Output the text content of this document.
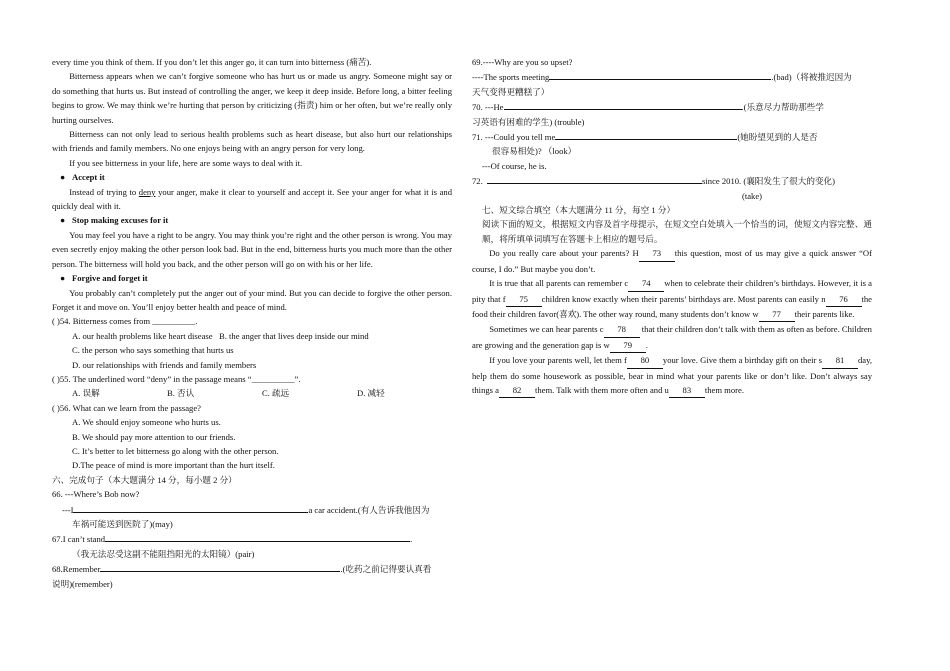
every time you think of them. If you don’t let this anger go, it can turn into bitterness (痛苦).

Bitterness appears when we can’t forgive someone who has hurt us or made us angry. Someone might say or do something that hurts us. But instead of controlling the anger, we keep it deep inside. Before long, a bitter feeling begins to grow. We may think we’re hurting that person by criticizing (指责) him or her often, but we’re really only hurting ourselves.

Bitterness can not only lead to serious health problems such as heart disease, but also hurt our relationships with friends and family members. No one enjoys being with an angry person for very long.

If you see bitterness in your life, here are some ways to deal with it.

● Accept it

Instead of trying to deny your anger, make it clear to yourself and accept it. See your anger for what it is and quickly deal with it.

● Stop making excuses for it

You may feel you have a right to be angry. You may think you’re right and the other person is wrong. You may even secretly enjoy making the other person look bad. But in the end, bitterness hurts you much more than the other person. The bitterness will hold you back, and the other person will go on with his or her life.

● Forgive and forget it

You probably can’t completely put the anger out of your mind. But you can decide to forgive the other person. Forget it and move on. You’ll enjoy better health and peace of mind.

( )54. Bitterness comes from __________.

A. our health problems like heart disease B. the anger that lives deep inside our mind

C. the person who says something that hurts us

D. our relationships with friends and family members

( )55. The underlined word “deny” in the passage means “__________”.

A. 误解	B. 否认	C. 疏远	D. 减轻

( )56. What can we learn from the passage?

A. We should enjoy someone who hurts us.

B. We should pay more attention to our friends.

C. It’s better to let bitterness go along with the other person.

D.The peace of mind is more important than the hurt itself.

六、完成句子（本大题满分 14 分，每小题 2 分）

66. ---Where’s Bob now?

---I	a car accident.(有人告诉我他因为

车祸可能送到医院了)(may)

67.I can’t stand	.

（我无法忍受这副不能阻挡阳光的太阳镜）(pair)

68.Remember	.(吃药之前记得要认真看

说明)(remember)

69.----Why are you so upset?

----The sports meeting	.(bad)（将被推迟因为

天气变得更糟糕了）

70. ---He	.(乐意尽力帮助那些学

习英语有困难的学生) (trouble)

71. ---Could you tell me	(她盼望见到的人是否

很容易相处)? （look）

---Of course, he is.

72.	since 2010. (襄阳发生了很大的变化)

(take)

七、短文综合填空（本大题满分 11 分，每空 1 分）

阅读下面的短文，根据短文内容及首字母提示，在短文空白处填入一个恰当的词，使短文内容完整、通顺，将所填单词填写在答题卡上相应的题号后。

Do you really care about your parents? H 73 this question, most of us may give a quick answer “Of course, I do.” But maybe you don’t.

It is true that all parents can remember c 74 when to celebrate their children’s birthdays. However, it is a pity that f 75 children know exactly when their parents’ birthdays are. Most parents can easily n 76 the food their children favor(喜欢). The other way round, many students don’t know w 77 their parents like.

Sometimes we can hear parents c 78 that their children don’t talk with them as often as before. Children are growing and the generation gap is w 79 .

If you love your parents well, let them f 80 your love. Give them a birthday gift on their s 81 day, help them do some housework as possible, bear in mind what your parents like or don’t like. Don’t always say things a 82 them. Talk with them more often and u 83 them more.
